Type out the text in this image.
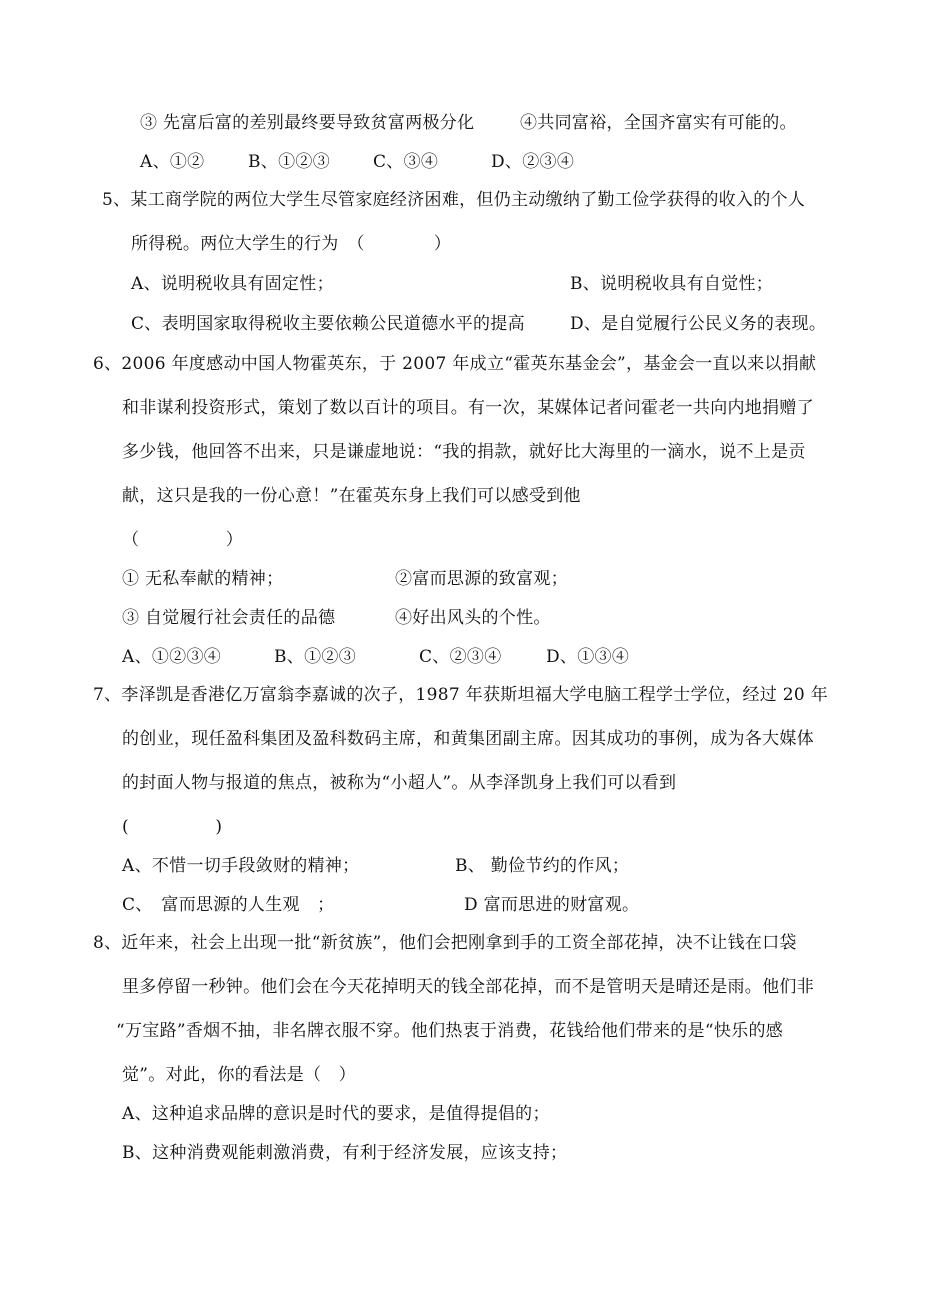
③ 先富后富的差别最终要导致贫富两极分化	④共同富裕，全国齐富实有可能的。
A、①②	B、①②③	C、③④	D、②③④
5、某工商学院的两位大学生尽管家庭经济困难，但仍主动缴纳了勤工俭学获得的收入的个人
所得税。两位大学生的行为　（　　　　）
A、说明税收具有固定性；	B、说明税收具有自觉性；
C、表明国家取得税收主要依赖公民道德水平的提高	D、是自觉履行公民义务的表现。
6、2006 年度感动中国人物霍英东，于 2007 年成立“霍英东基金会”，基金会一直以来以捐献
和非谋利投资形式，策划了数以百计的项目。有一次，某媒体记者问霍老一共向内地捐赠了
多少钱，他回答不出来，只是谦虚地说：“我的捐款，就好比大海里的一滴水，说不上是贡
献，这只是我的一份心意！”在霍英东身上我们可以感受到他
（　　　　　）
① 无私奉献的精神；	②富而思源的致富观；
③ 自觉履行社会责任的品德	④好出风头的个性。
A、①②③④	B、①②③	C、②③④	D、①③④
7、李泽凯是香港亿万富翁李嘉诚的次子，1987 年获斯坦福大学电脑工程学士学位，经过 20 年
的创业，现任盈科集团及盈科数码主席，和黄集团副主席。因其成功的事例，成为各大媒体
的封面人物与报道的焦点，被称为“小超人”。从李泽凯身上我们可以看到
(　　　　　)
A、不惜一切手段敛财的精神；	B、 勤俭节约的作风；
C、　富而思源的人生观　；	D 富而思进的财富观。
8、近年来，社会上出现一批“新贫族”，他们会把刚拿到手的工资全部花掉，决不让钱在口袋
里多停留一秒钟。他们会在今天花掉明天的钱全部花掉，而不是管明天是晴还是雨。他们非
“万宝路”香烟不抽，非名牌衣服不穿。他们热衷于消费，花钱给他们带来的是“快乐的感
觉”。对此，你的看法是（　）
A、这种追求品牌的意识是时代的要求，是值得提倡的；
B、这种消费观能刺激消费，有利于经济发展，应该支持；
